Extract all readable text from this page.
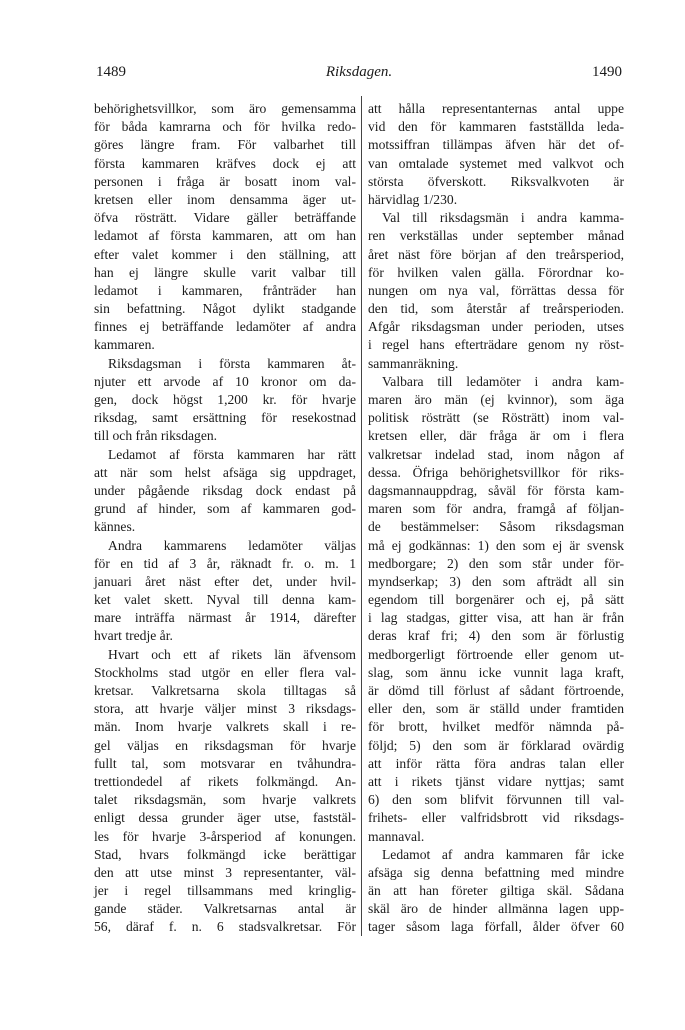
1489	Riksdagen.	1490
behörighetsvillkor, som äro gemensamma
för båda kamrarna och för hvilka redo-
göres längre fram. För valbarhet till
första kammaren kräfves dock ej att
personen i fråga är bosatt inom val-
kretsen eller inom densamma äger ut-
öfva rösträtt. Vidare gäller beträffande
ledamot af första kammaren, att om han
efter valet kommer i den ställning, att
han ej längre skulle varit valbar till
ledamot i kammaren, frånträder han
sin befattning. Något dylikt stadgande
finnes ej beträffande ledamöter af andra
kammaren.
Riksdagsman i första kammaren åt-
njuter ett arvode af 10 kronor om da-
gen, dock högst 1,200 kr. för hvarje
riksdag, samt ersättning för resekostnad
till och från riksdagen.
Ledamot af första kammaren har rätt
att när som helst afsäga sig uppdraget,
under pågående riksdag dock endast på
grund af hinder, som af kammaren god-
kännes.
Andra kammarens ledamöter väljas
för en tid af 3 år, räknadt fr. o. m. 1
januari året näst efter det, under hvil-
ket valet skett. Nyval till denna kam-
mare inträffa närmast år 1914, därefter
hvart tredje år.
Hvart och ett af rikets län äfvensom
Stockholms stad utgör en eller flera val-
kretsar. Valkretsarna skola tilltagas så
stora, att hvarje väljer minst 3 riksdags-
män. Inom hvarje valkrets skall i re-
gel väljas en riksdagsman för hvarje
fullt tal, som motsvarar en tvåhundra-
trettiondedel af rikets folkmängd. An-
talet riksdagsmän, som hvarje valkrets
enligt dessa grunder äger utse, faststäl-
les för hvarje 3-årsperiod af konungen.
Stad, hvars folkmängd icke berättigar
den att utse minst 3 representanter, väl-
jer i regel tillsammans med kringlig-
gande städer. Valkretsarnas antal är
56, däraf f. n. 6 stadsvalkretsar. För
att hålla representanternas antal uppe
vid den för kammaren fastställda leda-
motssiffran tillämpas äfven här det of-
van omtalade systemet med valkvot och
största öfverskott. Riksvalkvoten är
härvidlag 1/230.
Val till riksdagsmän i andra kamma-
ren verkställas under september månad
året näst före början af den treårsperiod,
för hvilken valen gälla. Förordnar ko-
nungen om nya val, förrättas dessa för
den tid, som återstår af treårsperioden.
Afgår riksdagsman under perioden, utses
i regel hans efterträdare genom ny röst-
sammanräkning.
Valbara till ledamöter i andra kam-
maren äro män (ej kvinnor), som äga
politisk rösträtt (se Rösträtt) inom val-
kretsen eller, där fråga är om i flera
valkretsar indelad stad, inom någon af
dessa. Öfriga behörighetsvillkor för riks-
dagsmannauppdrag, såväl för första kam-
maren som för andra, framgå af följan-
de bestämmelser: Såsom riksdagsman
må ej godkännas: 1) den som ej är svensk
medborgare; 2) den som står under för-
myndserkap; 3) den som afträdt all sin
egendom till borgenärer och ej, på sätt
i lag stadgas, gitter visa, att han är från
deras kraf fri; 4) den som är förlustig
medborgerligt förtroende eller genom ut-
slag, som ännu icke vunnit laga kraft,
är dömd till förlust af sådant förtroende,
eller den, som är ställd under framtiden
för brott, hvilket medför nämnda på-
följd; 5) den som är förklarad ovärdig
att inför rätta föra andras talan eller
att i rikets tjänst vidare nyttjas; samt
6) den som blifvit förvunnen till val-
frihets- eller valfridsbrott vid riksdags-
mannaval.
Ledamot af andra kammaren får icke
afsäga sig denna befattning med mindre
än att han företer giltiga skäl. Sådana
skäl äro de hinder allmänna lagen upp-
tager såsom laga förfall, ålder öfver 60
